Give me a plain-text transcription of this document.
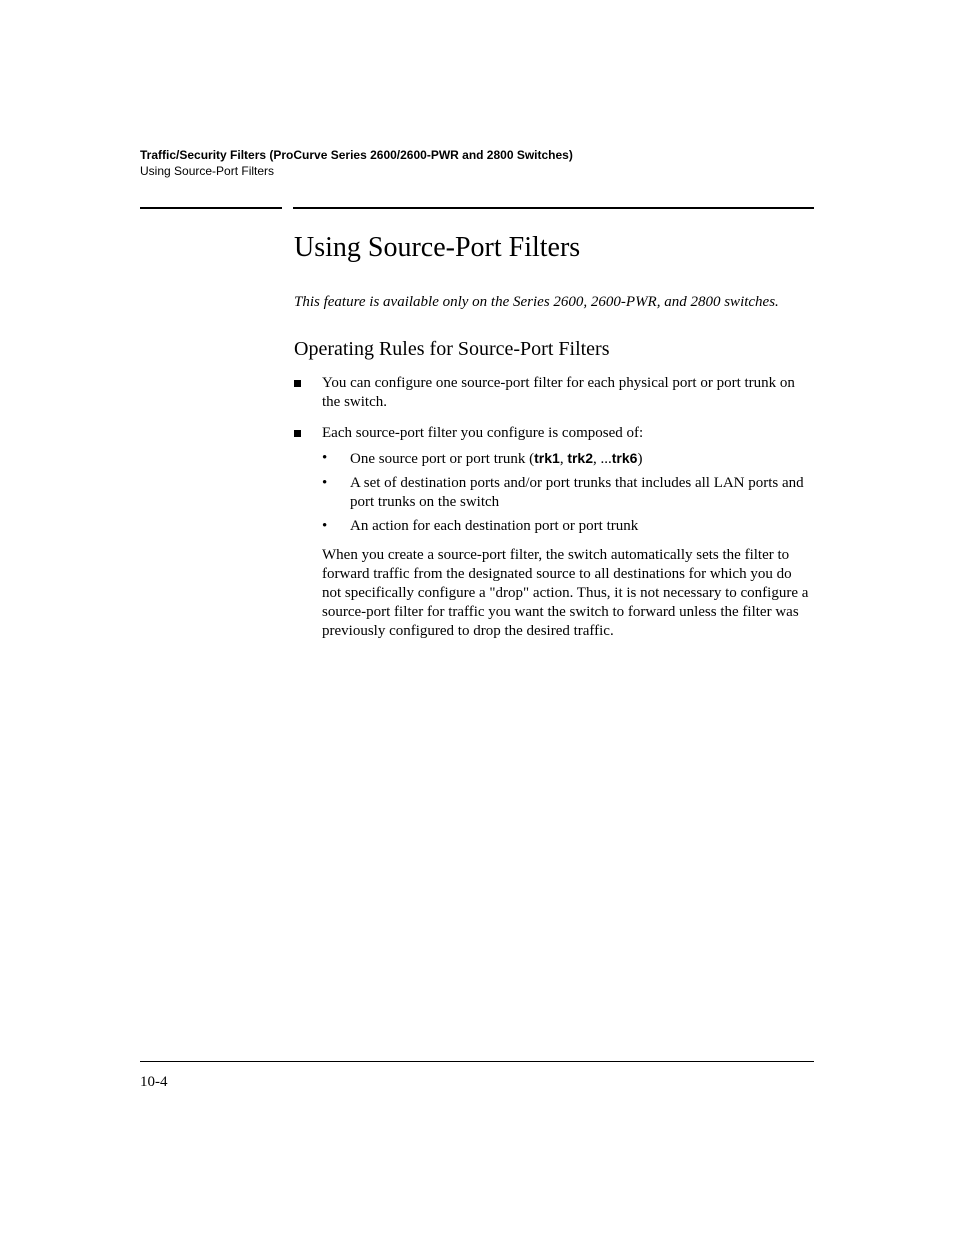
Traffic/Security Filters (ProCurve Series 2600/2600-PWR and 2800 Switches)
Using Source-Port Filters
Using Source-Port Filters

This feature is available only on the Series 2600, 2600-PWR, and 2800 switches.

Operating Rules for Source-Port Filters
You can configure one source-port filter for each physical port or port trunk on the switch.
Each source-port filter you configure is composed of:
• One source port or port trunk (trk1, trk2, ...trk6)
• A set of destination ports and/or port trunks that includes all LAN ports and port trunks on the switch
• An action for each destination port or port trunk

When you create a source-port filter, the switch automatically sets the filter to forward traffic from the designated source to all destinations for which you do not specifically configure a "drop" action. Thus, it is not necessary to configure a source-port filter for traffic you want the switch to forward unless the filter was previously configured to drop the desired traffic.

10-4
